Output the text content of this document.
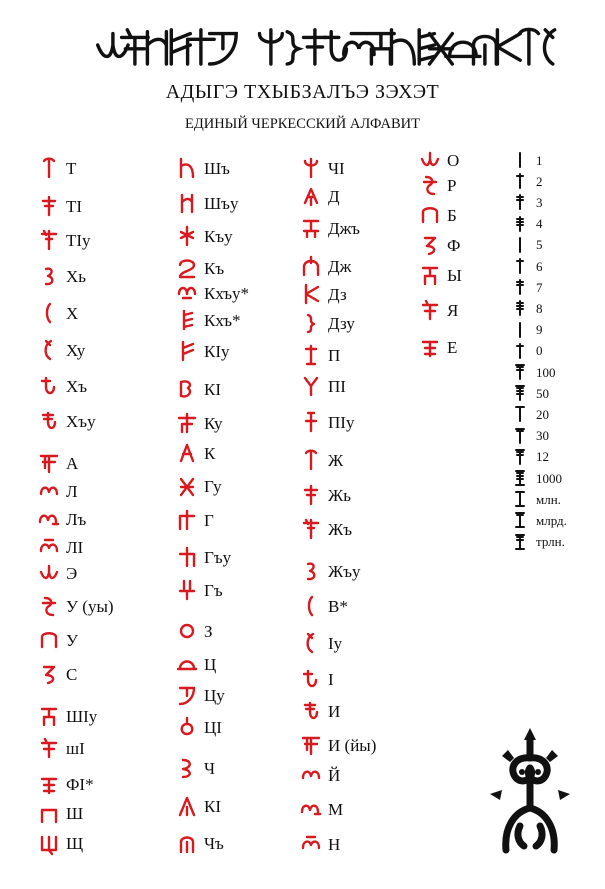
АДЫГЭ ТХЫБЗАЛЪЭ ЗЭХЭТ
ЕДИНЫЙ ЧЕРКЕССКИЙ АЛФАВИТ
Т
ТI
ТIу
Хь
Х
Ху
Хъ
Хъу
А
Л
Лъ
ЛI
Э
У (уы)
У
С
ШIу
шI
ФI*
Ш
Щ
Шъ
Шъу
Къу
Къ
Кхъу*
Кхъ*
КIу
КI
Ку
К
Гу
Г
Гъу
Гъ
З
Ц
Цу
ЦI
Ч
КI
Чъ
ЧI
Д
Джъ
Дж
Дз
Дзу
П
ПI
ПIу
Ж
Жь
Жъ
Жъу
В*
Iу
I
И
И (йы)
Й
М
Н
О
Р
Б
Ф
Ы
Я
Е
1
2
3
4
5
6
7
8
9
0
100
50
20
30
12
1000
млн.
млрд.
трлн.
